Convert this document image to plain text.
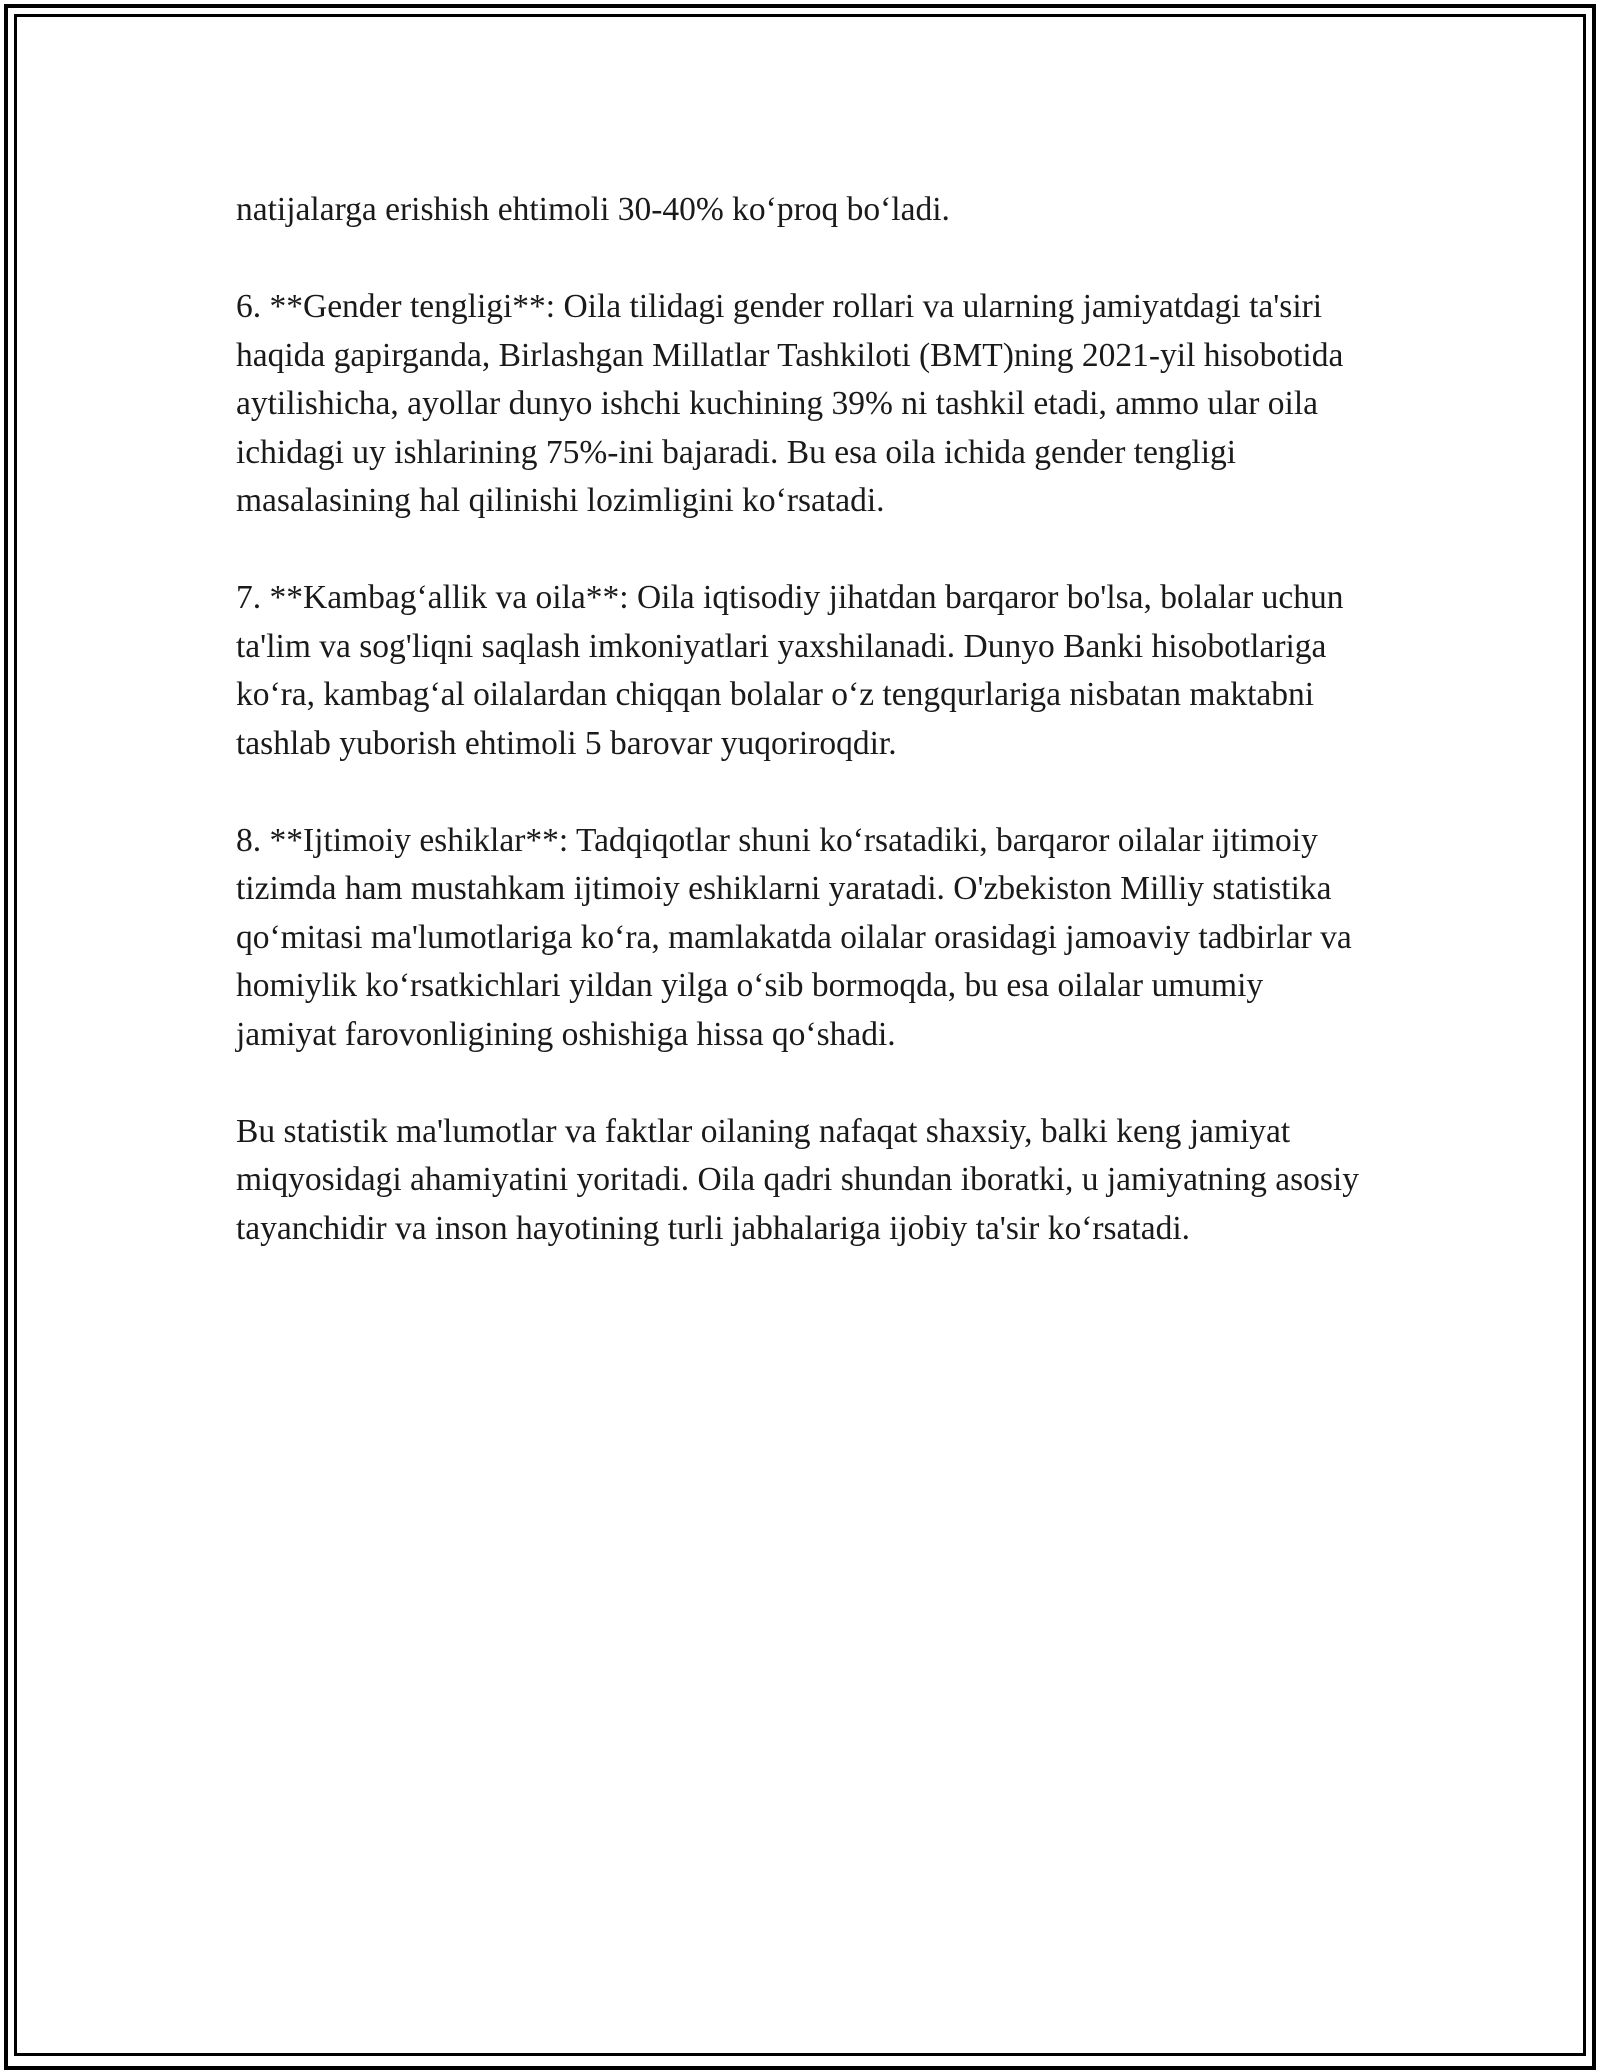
natijalarga erishish ehtimoli 30-40% ko‘proq bo‘ladi.

6. **Gender tengligi**: Oila tilidagi gender rollari va ularning jamiyatdagi ta'siri haqida gapirganda, Birlashgan Millatlar Tashkiloti (BMT)ning 2021-yil hisobotida aytilishicha, ayollar dunyo ishchi kuchining 39% ni tashkil etadi, ammo ular oila ichidagi uy ishlarining 75%-ini bajaradi. Bu esa oila ichida gender tengligi masalasining hal qilinishi lozimligini ko‘rsatadi.

7. **Kambag‘allik va oila**: Oila iqtisodiy jihatdan barqaror bo'lsa, bolalar uchun ta'lim va sog'liqni saqlash imkoniyatlari yaxshilanadi. Dunyo Banki hisobotlariga ko‘ra, kambag‘al oilalardan chiqqan bolalar o‘z tengqurlariga nisbatan maktabni tashlab yuborish ehtimoli 5 barovar yuqoriroqdir.

8. **Ijtimoiy eshiklar**: Tadqiqotlar shuni ko‘rsatadiki, barqaror oilalar ijtimoiy tizimda ham mustahkam ijtimoiy eshiklarni yaratadi. O'zbekiston Milliy statistika qo‘mitasi ma'lumotlariga ko‘ra, mamlakatda oilalar orasidagi jamoaviy tadbirlar va homiylik ko‘rsatkichlari yildan yilga o‘sib bormoqda, bu esa oilalar umumiy jamiyat farovonligining oshishiga hissa qo‘shadi.

Bu statistik ma'lumotlar va faktlar oilaning nafaqat shaxsiy, balki keng jamiyat miqyosidagi ahamiyatini yoritadi. Oila qadri shundan iboratki, u jamiyatning asosiy tayanchidir va inson hayotining turli jabhalariga ijobiy ta'sir ko‘rsatadi.
